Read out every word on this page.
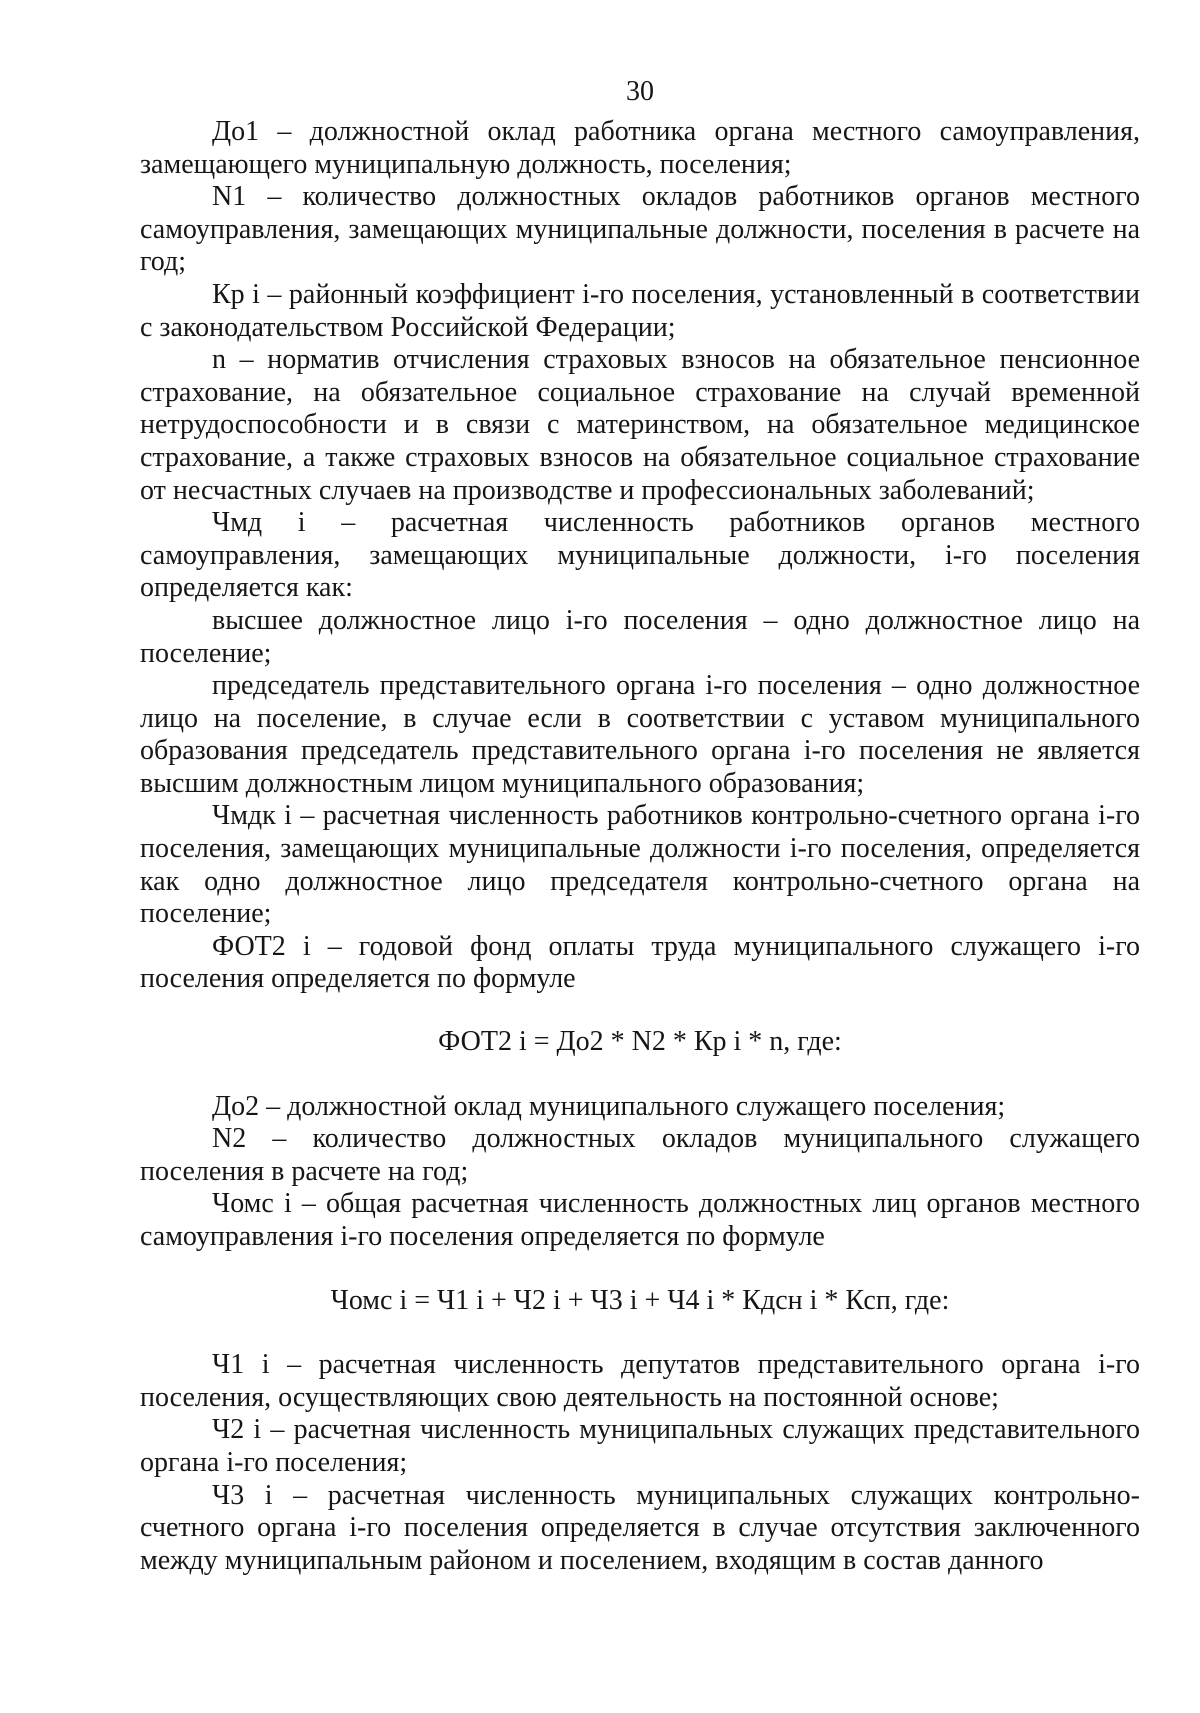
30

До1 – должностной оклад работника органа местного самоуправления, замещающего муниципальную должность, поселения;

N1 – количество должностных окладов работников органов местного самоуправления, замещающих муниципальные должности, поселения в расчете на год;

Кр i – районный коэффициент i-го поселения, установленный в соответствии с законодательством Российской Федерации;

n – норматив отчисления страховых взносов на обязательное пенсионное страхование, на обязательное социальное страхование на случай временной нетрудоспособности и в связи с материнством, на обязательное медицинское страхование, а также страховых взносов на обязательное социальное страхование от несчастных случаев на производстве и профессиональных заболеваний;

Чмд i – расчетная численность работников органов местного самоуправления, замещающих муниципальные должности, i-го поселения определяется как:

высшее должностное лицо i-го поселения – одно должностное лицо на поселение;

председатель представительного органа i-го поселения – одно должностное лицо на поселение, в случае если в соответствии с уставом муниципального образования председатель представительного органа i-го поселения не является высшим должностным лицом муниципального образования;

Чмдк i – расчетная численность работников контрольно-счетного органа i-го поселения, замещающих муниципальные должности i-го поселения, определяется как одно должностное лицо председателя контрольно-счетного органа на поселение;

ФОТ2 i – годовой фонд оплаты труда муниципального служащего i-го поселения определяется по формуле

ФОТ2 i = До2 * N2 * Кр i * n, где:

До2 – должностной оклад муниципального служащего поселения;

N2 – количество должностных окладов муниципального служащего поселения в расчете на год;

Чомс i – общая расчетная численность должностных лиц органов местного самоуправления i-го поселения определяется по формуле

Чомс i = Ч1 i + Ч2 i + Ч3 i + Ч4 i * Кдсн i * Ксп, где:

Ч1 i – расчетная численность депутатов представительного органа i-го поселения, осуществляющих свою деятельность на постоянной основе;

Ч2 i – расчетная численность муниципальных служащих представительного органа i-го поселения;

Ч3 i – расчетная численность муниципальных служащих контрольно-счетного органа i-го поселения определяется в случае отсутствия заключенного между муниципальным районом и поселением, входящим в состав данного
